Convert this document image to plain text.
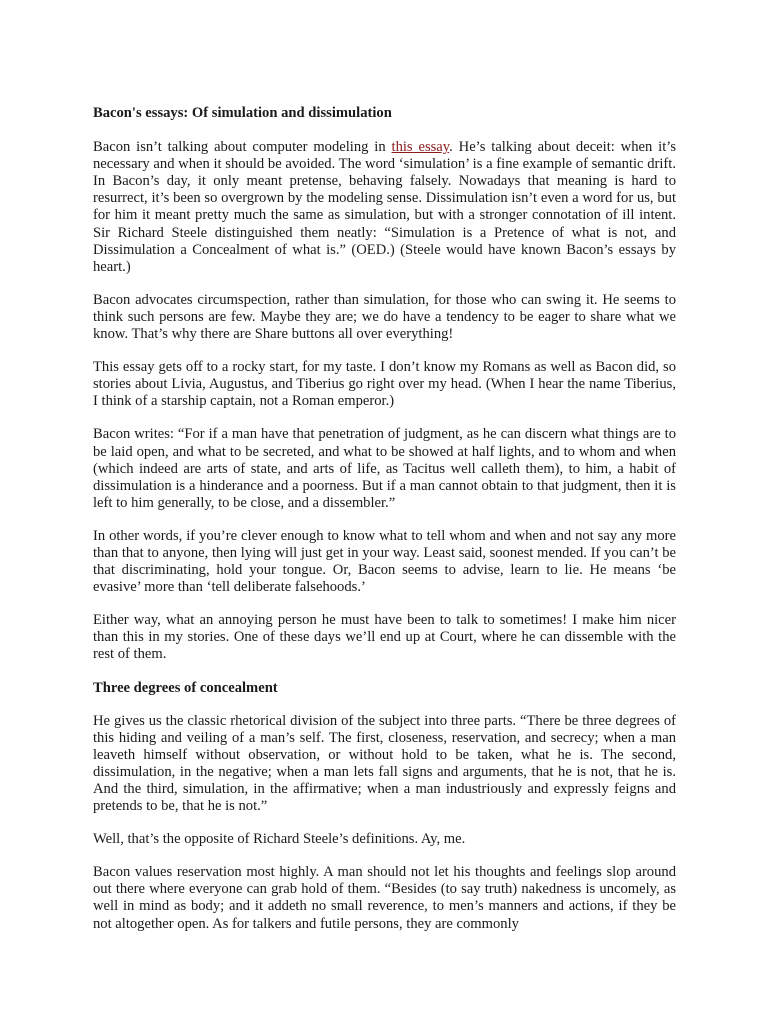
Bacon's essays: Of simulation and dissimulation

Bacon isn’t talking about computer modeling in this essay. He’s talking about deceit: when it’s necessary and when it should be avoided. The word ‘simulation’ is a fine example of semantic drift. In Bacon’s day, it only meant pretense, behaving falsely. Nowadays that meaning is hard to resurrect, it’s been so overgrown by the modeling sense. Dissimulation isn’t even a word for us, but for him it meant pretty much the same as simulation, but with a stronger connotation of ill intent. Sir Richard Steele distinguished them neatly: “Simulation is a Pretence of what is not, and Dissimulation a Concealment of what is.” (OED.) (Steele would have known Bacon’s essays by heart.)

Bacon advocates circumspection, rather than simulation, for those who can swing it. He seems to think such persons are few. Maybe they are; we do have a tendency to be eager to share what we know. That’s why there are Share buttons all over everything!

This essay gets off to a rocky start, for my taste. I don’t know my Romans as well as Bacon did, so stories about Livia, Augustus, and Tiberius go right over my head. (When I hear the name Tiberius, I think of a starship captain, not a Roman emperor.)

Bacon writes: “For if a man have that penetration of judgment, as he can discern what things are to be laid open, and what to be secreted, and what to be showed at half lights, and to whom and when (which indeed are arts of state, and arts of life, as Tacitus well calleth them), to him, a habit of dissimulation is a hinderance and a poorness. But if a man cannot obtain to that judgment, then it is left to him generally, to be close, and a dissembler.”

In other words, if you’re clever enough to know what to tell whom and when and not say any more than that to anyone, then lying will just get in your way. Least said, soonest mended. If you can’t be that discriminating, hold your tongue. Or, Bacon seems to advise, learn to lie. He means ‘be evasive’ more than ‘tell deliberate falsehoods.’

Either way, what an annoying person he must have been to talk to sometimes! I make him nicer than this in my stories. One of these days we’ll end up at Court, where he can dissemble with the rest of them.

Three degrees of concealment

He gives us the classic rhetorical division of the subject into three parts. “There be three degrees of this hiding and veiling of a man’s self. The first, closeness, reservation, and secrecy; when a man leaveth himself without observation, or without hold to be taken, what he is. The second, dissimulation, in the negative; when a man lets fall signs and arguments, that he is not, that he is. And the third, simulation, in the affirmative; when a man industriously and expressly feigns and pretends to be, that he is not.”

Well, that’s the opposite of Richard Steele’s definitions. Ay, me.

Bacon values reservation most highly. A man should not let his thoughts and feelings slop around out there where everyone can grab hold of them. “Besides (to say truth) nakedness is uncomely, as well in mind as body; and it addeth no small reverence, to men’s manners and actions, if they be not altogether open. As for talkers and futile persons, they are commonly
